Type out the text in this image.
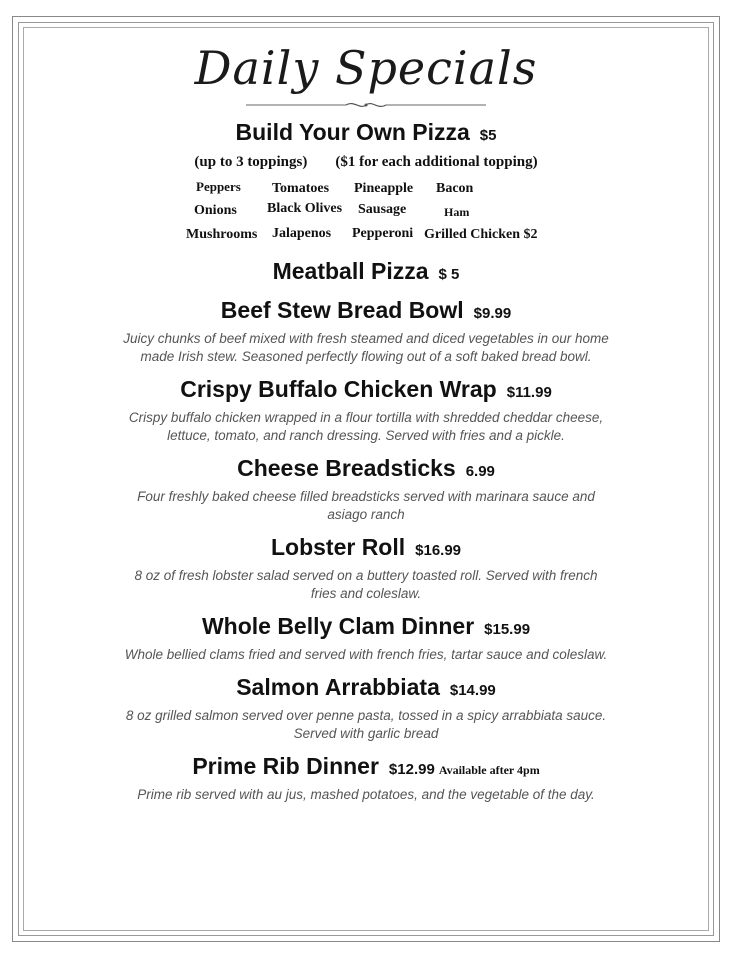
Daily Specials
Build Your Own Pizza $5
(up to 3 toppings) ($1 for each additional topping)
Peppers Tomatoes Pineapple Bacon
Onions Black Olives Sausage	Ham
Mushrooms Jalapenos Pepperoni Grilled Chicken $2
Meatball Pizza $ 5
Beef Stew Bread Bowl $9.99
Juicy chunks of beef mixed with fresh steamed and diced vegetables in our home made Irish stew. Seasoned perfectly flowing out of a soft baked bread bowl.
Crispy Buffalo Chicken Wrap $11.99
Crispy buffalo chicken wrapped in a flour tortilla with shredded cheddar cheese, lettuce, tomato, and ranch dressing. Served with fries and a pickle.
Cheese Breadsticks 6.99
Four freshly baked cheese filled breadsticks served with marinara sauce and asiago ranch
Lobster Roll $16.99
8 oz of fresh lobster salad served on a buttery toasted roll. Served with french fries and coleslaw.
Whole Belly Clam Dinner $15.99
Whole bellied clams fried and served with french fries, tartar sauce and coleslaw.
Salmon Arrabbiata $14.99
8 oz grilled salmon served over penne pasta, tossed in a spicy arrabbiata sauce. Served with garlic bread
Prime Rib Dinner $12.99 Available after 4pm
Prime rib served with au jus, mashed potatoes, and the vegetable of the day.
